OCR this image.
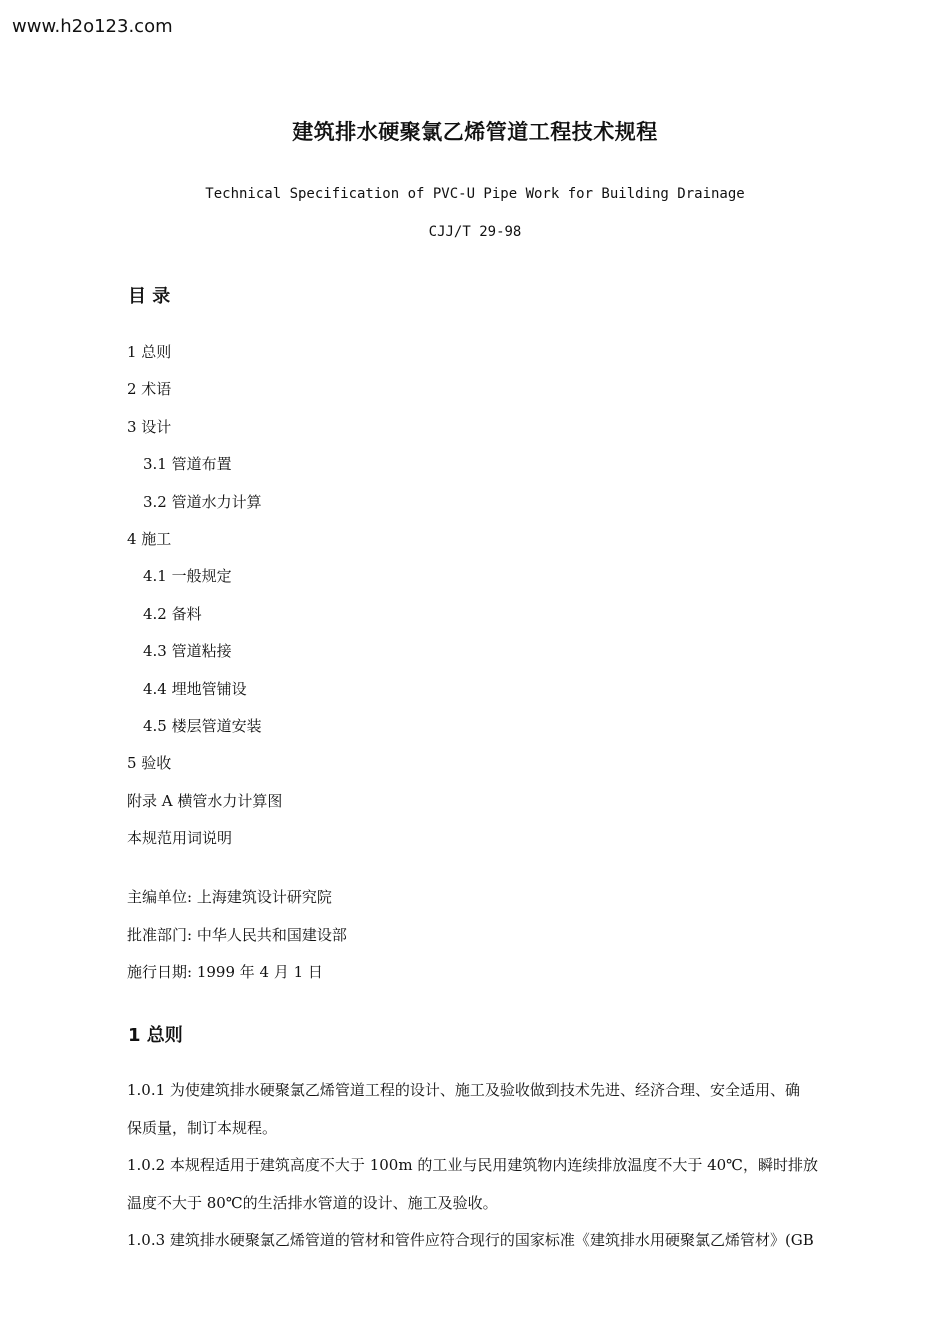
www.h2o123.com
建筑排水硬聚氯乙烯管道工程技术规程
Technical Specification of PVC-U Pipe Work for Building Drainage
CJJ/T 29-98
目 录
1 总则
2 术语
3 设计
3.1 管道布置
3.2 管道水力计算
4 施工
4.1 一般规定
4.2 备料
4.3 管道粘接
4.4 埋地管铺设
4.5 楼层管道安装
5 验收
附录 A 横管水力计算图
本规范用词说明
主编单位: 上海建筑设计研究院
批准部门: 中华人民共和国建设部
施行日期: 1999 年 4 月 1 日
1 总则
1.0.1 为使建筑排水硬聚氯乙烯管道工程的设计、施工及验收做到技术先进、经济合理、安全适用、确
保质量，制订本规程。
1.0.2 本规程适用于建筑高度不大于 100m 的工业与民用建筑物内连续排放温度不大于 40℃，瞬时排放
温度不大于 80℃的生活排水管道的设计、施工及验收。
1.0.3 建筑排水硬聚氯乙烯管道的管材和管件应符合现行的国家标准《建筑排水用硬聚氯乙烯管材》(GB
